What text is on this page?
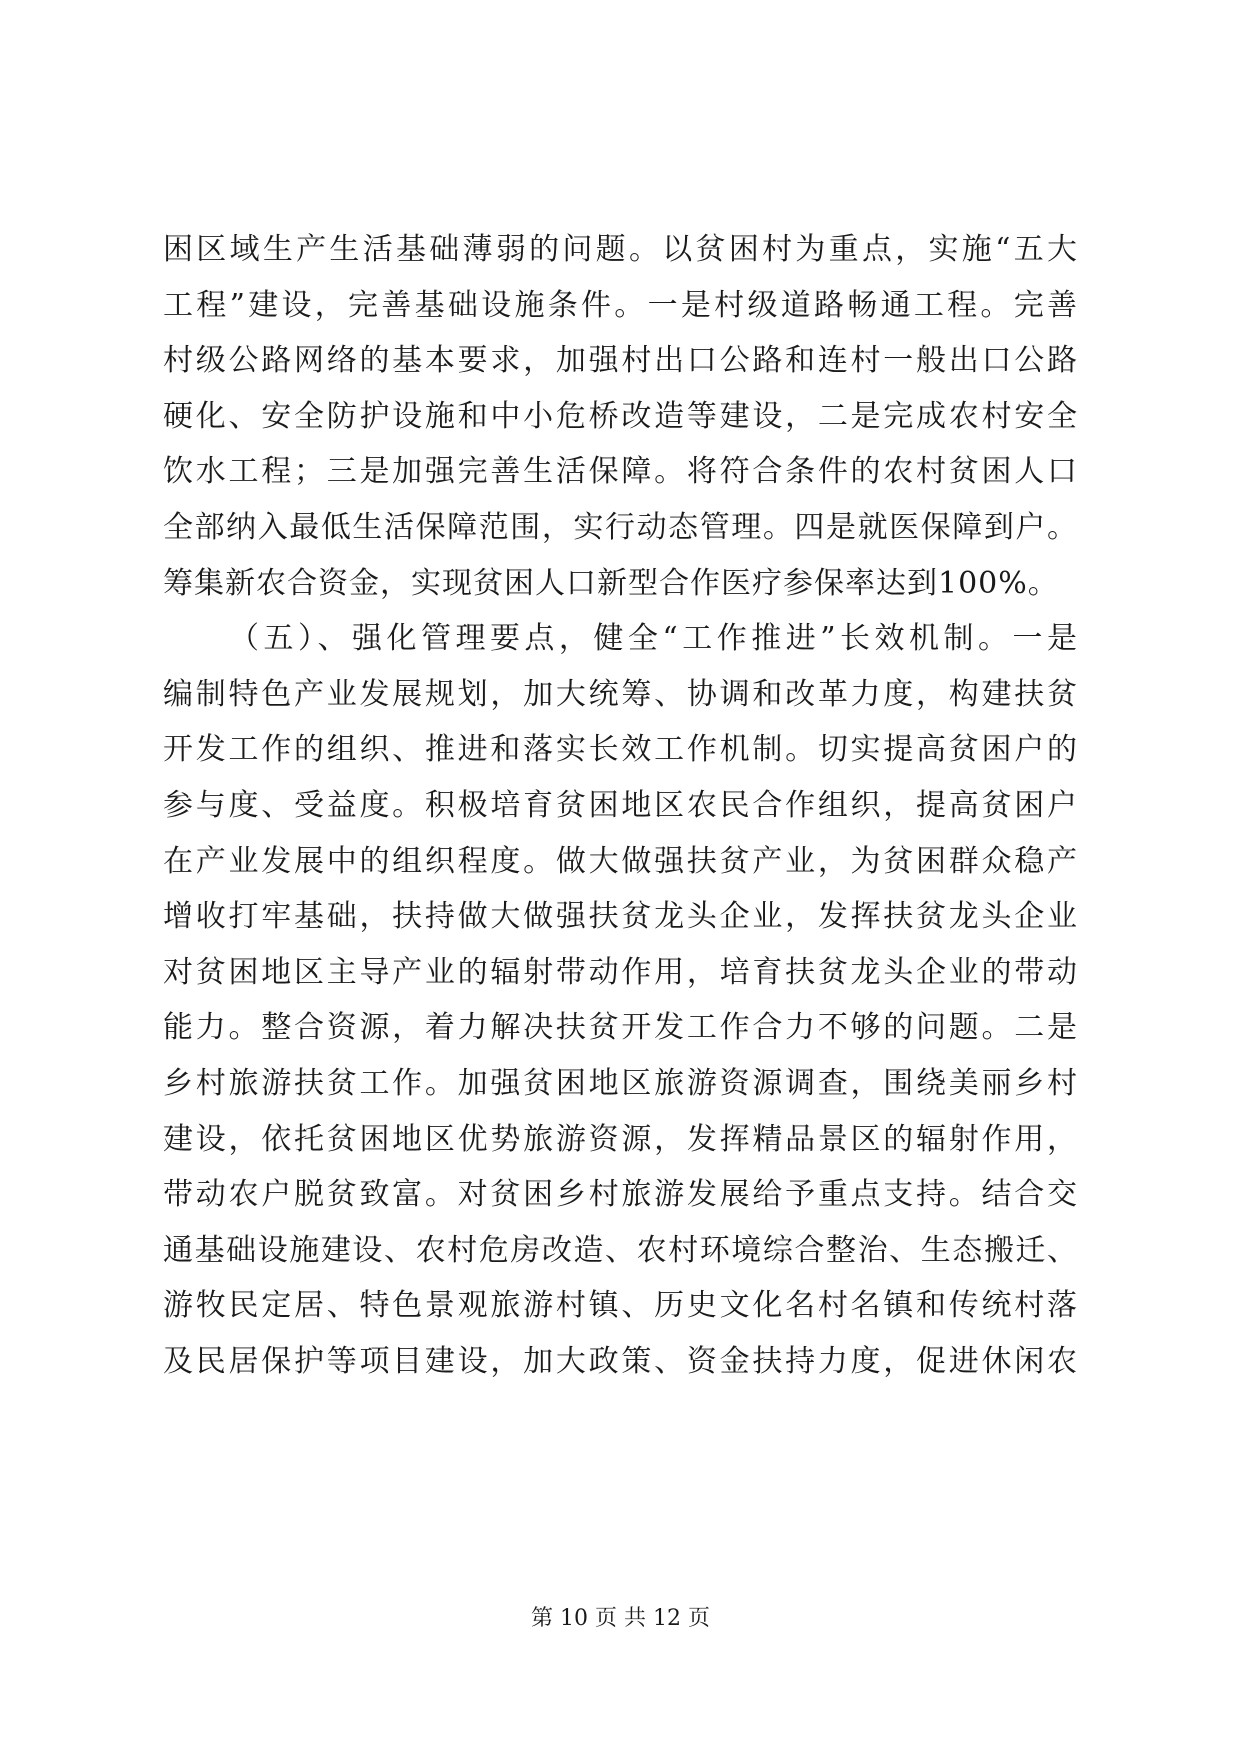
困区域生产生活基础薄弱的问题。以贫困村为重点，实施“五大
工程”建设，完善基础设施条件。一是村级道路畅通工程。完善
村级公路网络的基本要求，加强村出口公路和连村一般出口公路
硬化、安全防护设施和中小危桥改造等建设，二是完成农村安全
饮水工程；三是加强完善生活保障。将符合条件的农村贫困人口
全部纳入最低生活保障范围，实行动态管理。四是就医保障到户。
筹集新农合资金，实现贫困人口新型合作医疗参保率达到100%。
（五）、强化管理要点，健全“工作推进”长效机制。一是
编制特色产业发展规划，加大统筹、协调和改革力度，构建扶贫
开发工作的组织、推进和落实长效工作机制。切实提高贫困户的
参与度、受益度。积极培育贫困地区农民合作组织，提高贫困户
在产业发展中的组织程度。做大做强扶贫产业，为贫困群众稳产
增收打牢基础，扶持做大做强扶贫龙头企业，发挥扶贫龙头企业
对贫困地区主导产业的辐射带动作用，培育扶贫龙头企业的带动
能力。整合资源，着力解决扶贫开发工作合力不够的问题。二是
乡村旅游扶贫工作。加强贫困地区旅游资源调查，围绕美丽乡村
建设，依托贫困地区优势旅游资源，发挥精品景区的辐射作用，
带动农户脱贫致富。对贫困乡村旅游发展给予重点支持。结合交
通基础设施建设、农村危房改造、农村环境综合整治、生态搬迁、
游牧民定居、特色景观旅游村镇、历史文化名村名镇和传统村落
及民居保护等项目建设，加大政策、资金扶持力度，促进休闲农
第 10 页 共 12 页
